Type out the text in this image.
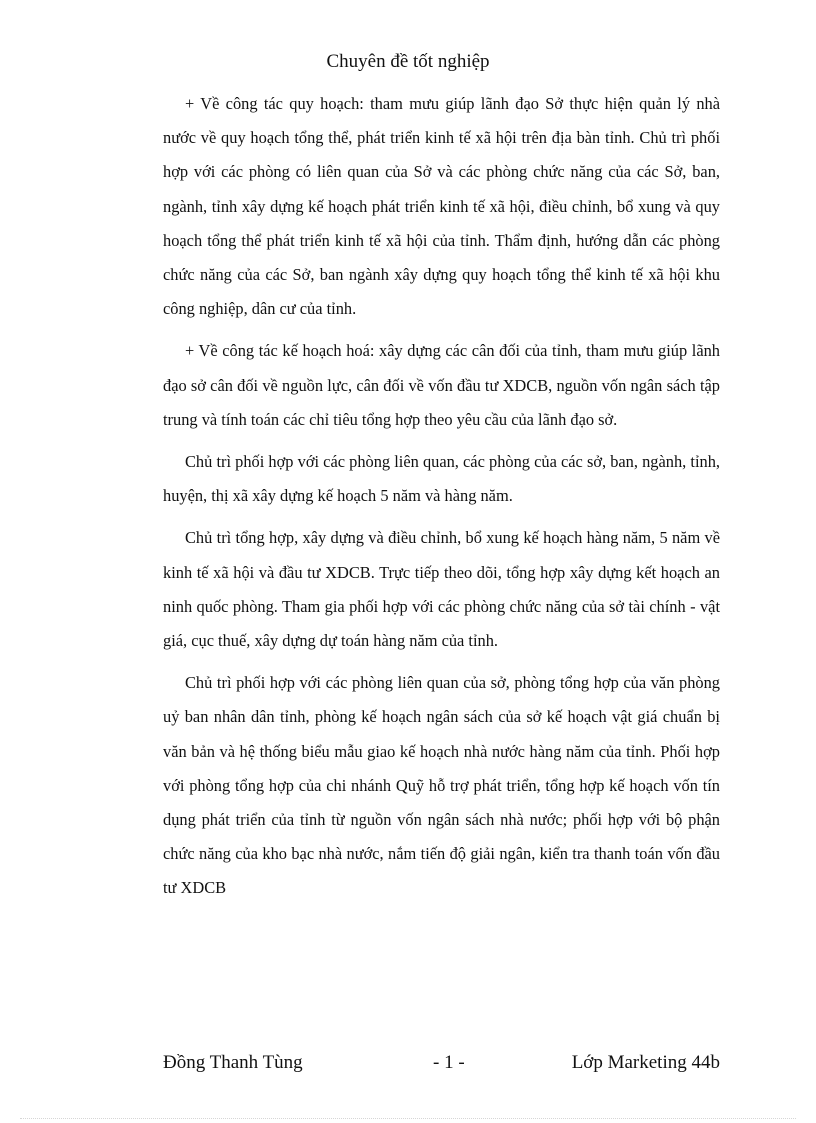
Chuyên đề tốt nghiệp

+ Về công tác quy hoạch: tham mưu giúp lãnh đạo Sở thực hiện quản lý nhà nước về quy hoạch tổng thể, phát triển kinh tế xã hội trên địa bàn tỉnh. Chủ trì phối hợp với các phòng có liên quan của Sở và các phòng chức năng của các Sở, ban, ngành, tỉnh xây dựng kế hoạch phát triển kinh tế xã hội, điều chỉnh, bổ xung và quy hoạch tổng thể phát triển kinh tế xã hội của tỉnh. Thẩm định, hướng dẫn các phòng chức năng của các Sở, ban ngành xây dựng quy hoạch tổng thể kinh tế xã hội khu công nghiệp, dân cư của tỉnh.

+ Về công tác kế hoạch hoá: xây dựng các cân đối của tỉnh, tham mưu giúp lãnh đạo sở cân đối về nguồn lực, cân đối về vốn đầu tư XDCB, nguồn vốn ngân sách tập trung và tính toán các chỉ tiêu tổng hợp theo yêu cầu của lãnh đạo sở.

Chủ trì phối hợp với các phòng liên quan, các phòng của các sở, ban, ngành, tỉnh, huyện, thị xã xây dựng kế hoạch 5 năm và hàng năm.

Chủ trì tổng hợp, xây dựng và điều chỉnh, bổ xung kế hoạch hàng năm, 5 năm về kinh tế xã hội và đầu tư XDCB. Trực tiếp theo dõi, tổng hợp xây dựng kết hoạch an ninh quốc phòng. Tham gia phối hợp với các phòng chức năng của sở tài chính - vật giá, cục thuế, xây dựng dự toán hàng năm của tỉnh.

Chủ trì phối hợp với các phòng liên quan của sở, phòng tổng hợp của văn phòng uỷ ban nhân dân tỉnh, phòng kế hoạch ngân sách của sở kế hoạch vật giá chuẩn bị văn bản và hệ thống biểu mẫu giao kế hoạch nhà nước hàng năm của tỉnh. Phối hợp với phòng tổng hợp của chi nhánh Quỹ hỗ trợ phát triển, tổng hợp kế hoạch vốn tín dụng phát triển của tỉnh từ nguồn vốn ngân sách nhà nước; phối hợp với bộ phận chức năng của kho bạc nhà nước, nắm tiến độ giải ngân, kiển tra thanh toán vốn đầu tư XDCB

Đồng Thanh Tùng	- 1 -	Lớp Marketing 44b
